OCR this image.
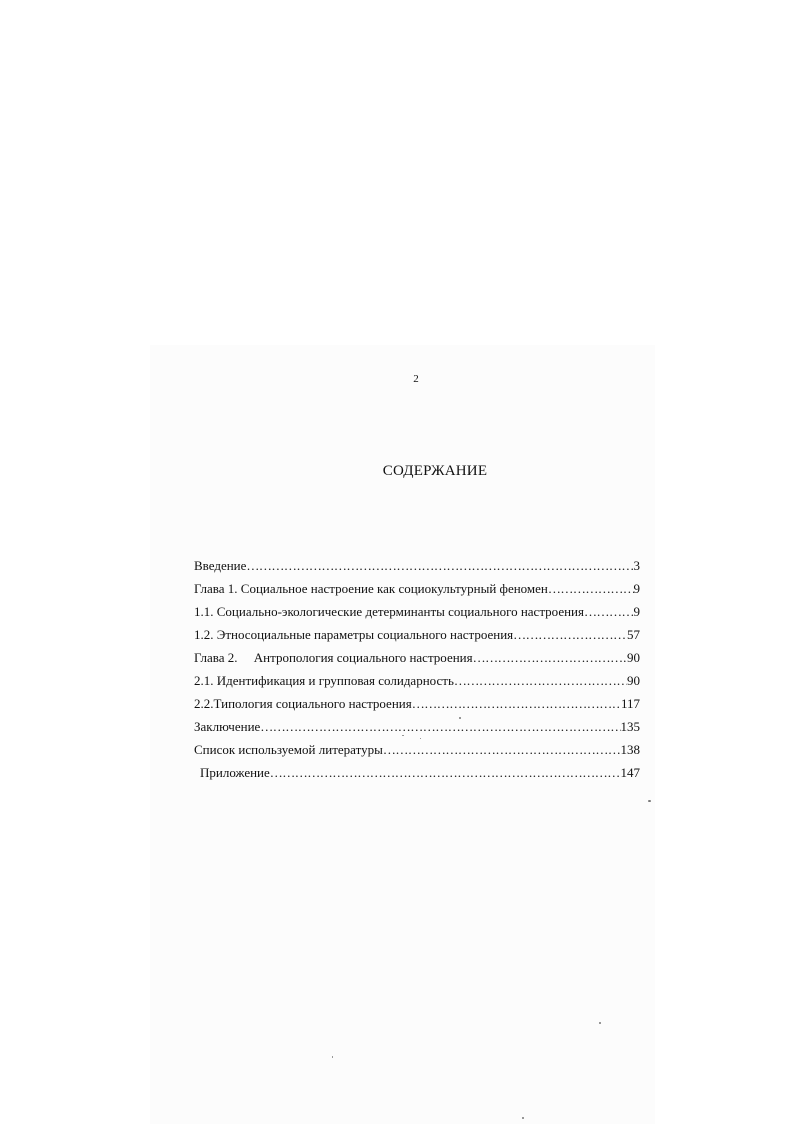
2
СОДЕРЖАНИЕ
Введение ………………………………………………………………………………………………………………………………………………	3
Глава 1. Социальное настроение как социокультурный феномен ………………………………………………………………………………………………………………………………………………	9
1.1. Социально-экологические детерминанты социального настроения ………………………………………………………………………………………………………………………………………………	9
1.2. Этносоциальные параметры социального настроения ………………………………………………………………………………………………………………………………………………	57
Глава 2.     Антропология социального настроения ………………………………………………………………………………………………………………………………………………	90
2.1. Идентификация и групповая солидарность ………………………………………………………………………………………………………………………………………………	90
2.2.Типология социального настроения ………………………………………………………………………………………………………………………………………………	117
Заключение ………………………………………………………………………………………………………………………………………………	135
Список используемой литературы ………………………………………………………………………………………………………………………………………………	138
Приложение ………………………………………………………………………………………………………………………………………………	147
